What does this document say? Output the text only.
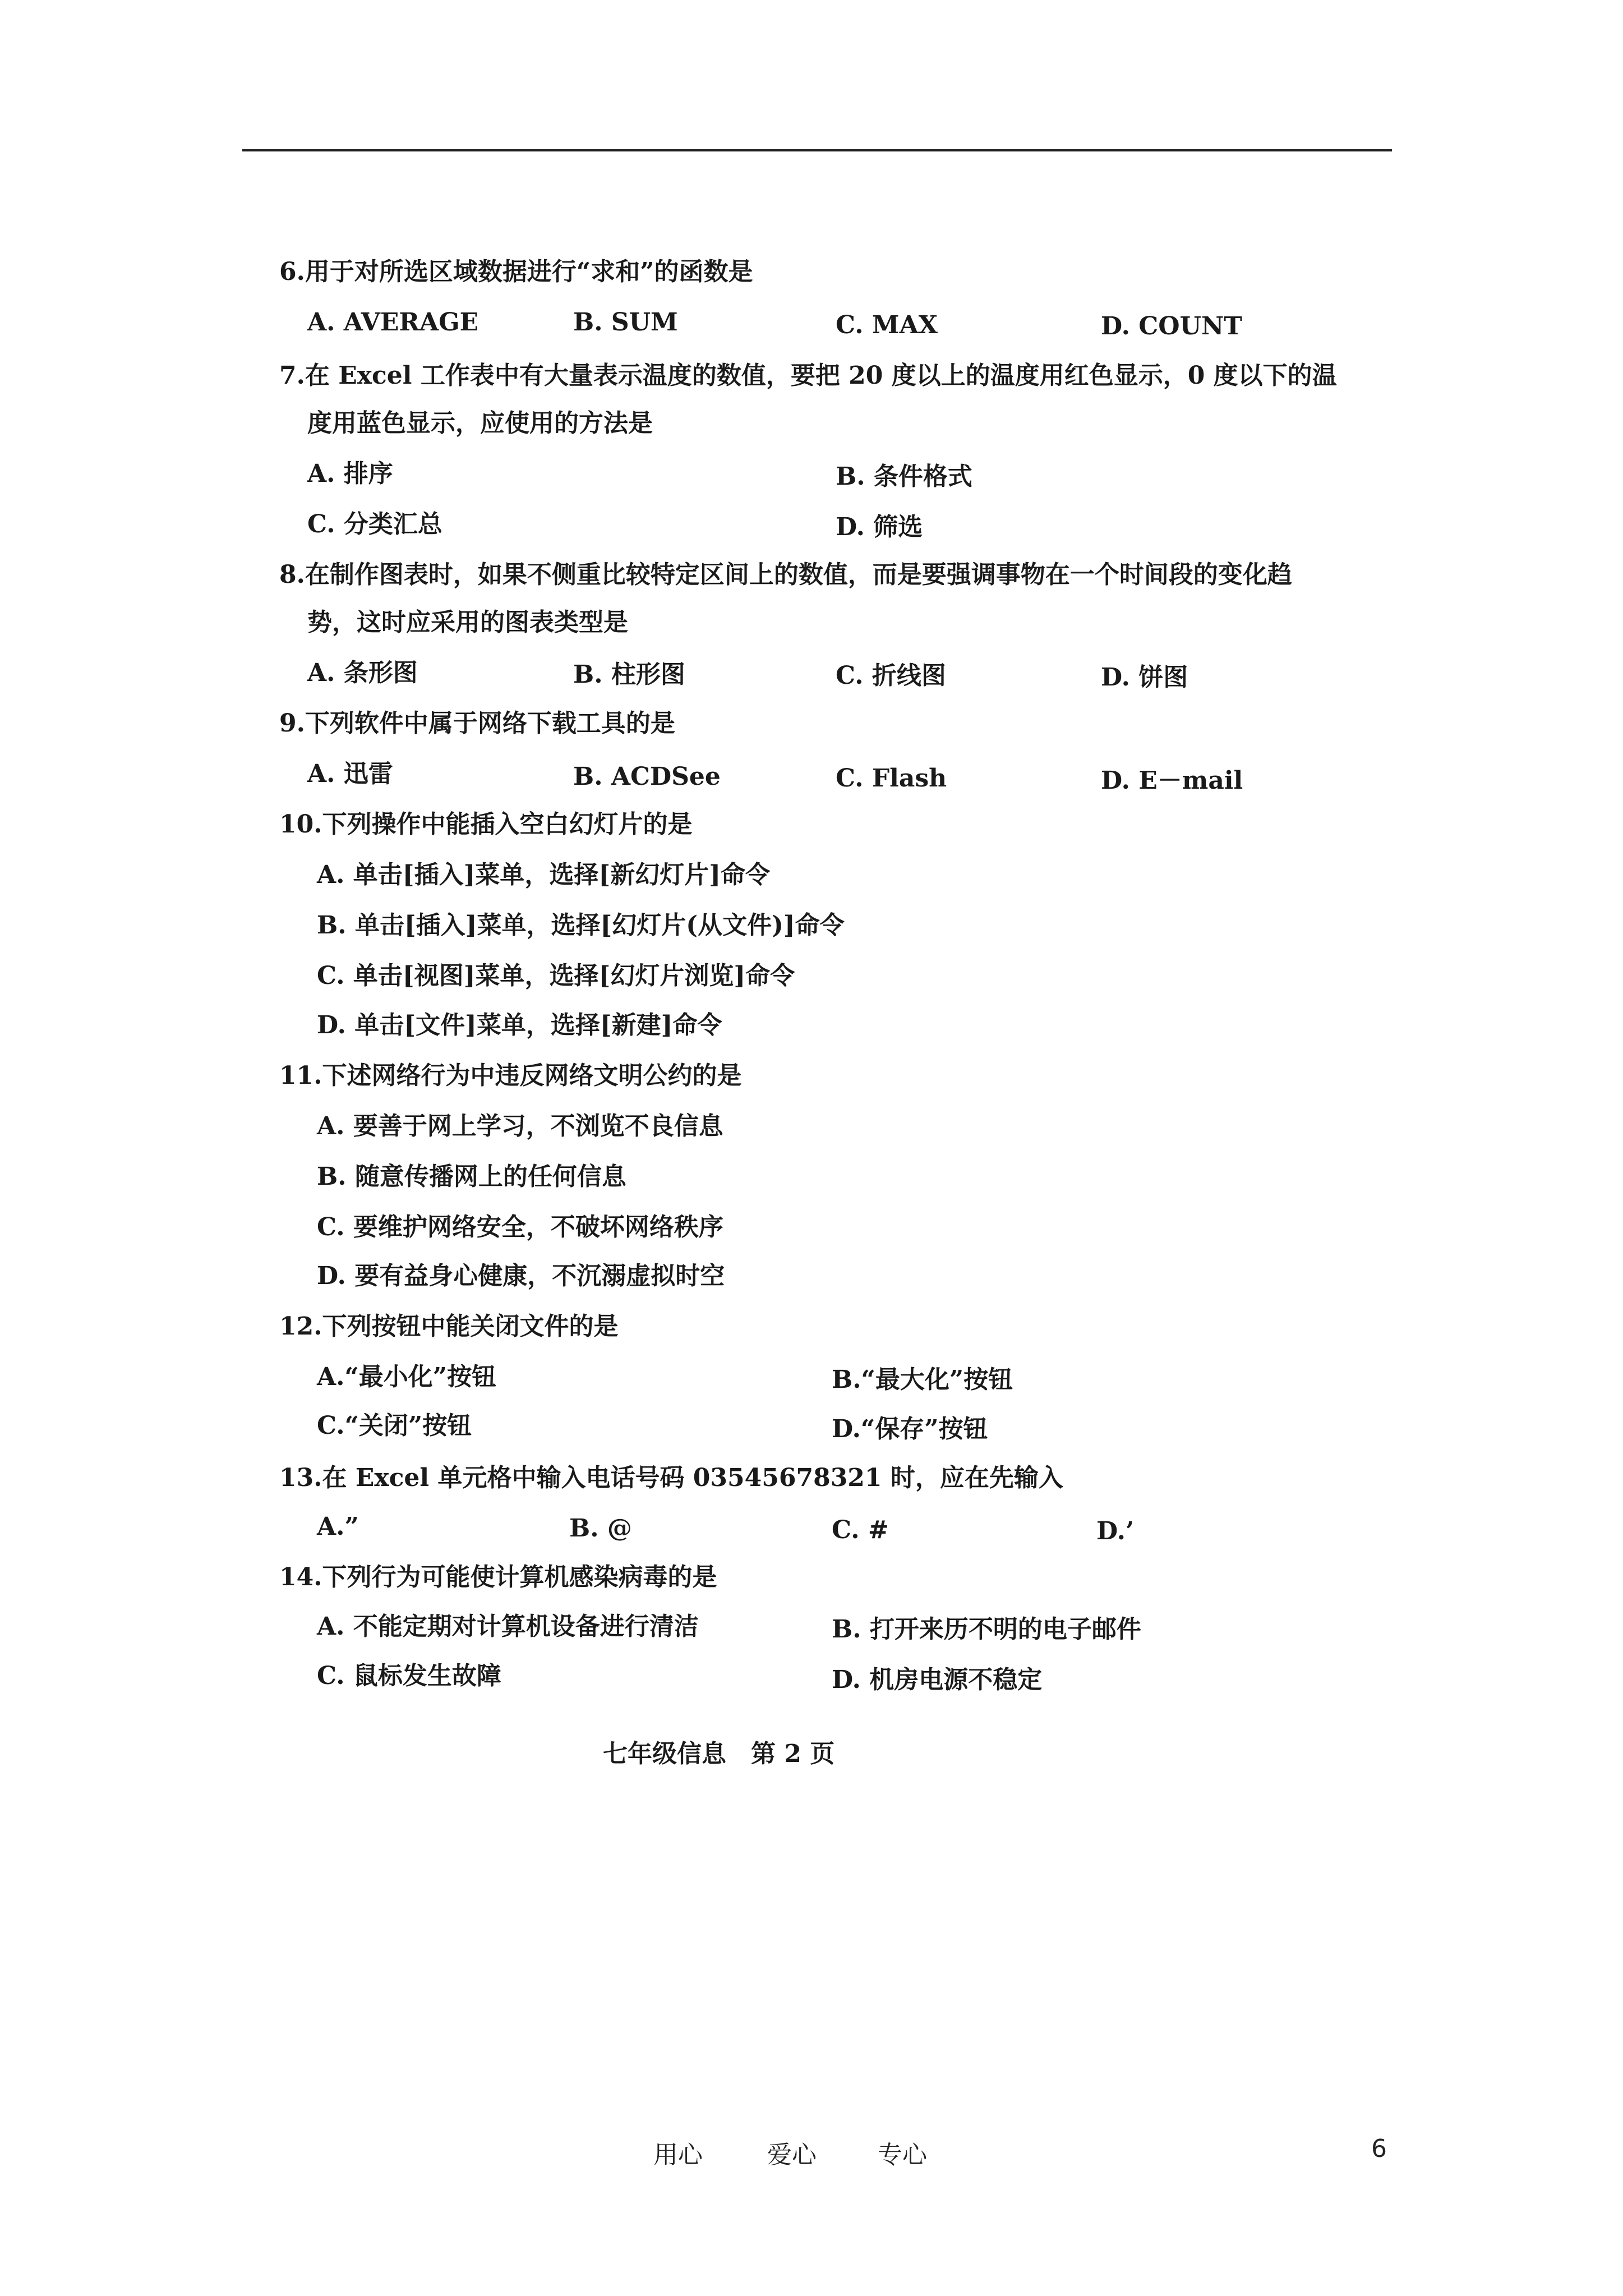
6.用于对所选区域数据进行“求和”的函数是
A. AVERAGE	B. SUM	C. MAX	D. COUNT
7.在 Excel 工作表中有大量表示温度的数值，要把 20 度以上的温度用红色显示，0 度以下的温
度用蓝色显示，应使用的方法是
A. 排序	B. 条件格式
C. 分类汇总	D. 筛选
8.在制作图表时，如果不侧重比较特定区间上的数值，而是要强调事物在一个时间段的变化趋
势，这时应采用的图表类型是
A. 条形图	B. 柱形图	C. 折线图	D. 饼图
9.下列软件中属于网络下载工具的是
A. 迅雷	B. ACDSee	C. Flash	D. E－mail
10.下列操作中能插入空白幻灯片的是
A. 单击[插入]菜单，选择[新幻灯片]命令
B. 单击[插入]菜单，选择[幻灯片(从文件)]命令
C. 单击[视图]菜单，选择[幻灯片浏览]命令
D. 单击[文件]菜单，选择[新建]命令
11.下述网络行为中违反网络文明公约的是
A. 要善于网上学习，不浏览不良信息
B. 随意传播网上的任何信息
C. 要维护网络安全，不破坏网络秩序
D. 要有益身心健康，不沉溺虚拟时空
12.下列按钮中能关闭文件的是
A.“最小化”按钮	B.“最大化”按钮
C.“关闭”按钮	D.“保存”按钮
13.在 Excel 单元格中输入电话号码 03545678321 时，应在先输入
A.”	B. @	C. #	D.’
14.下列行为可能使计算机感染病毒的是
A. 不能定期对计算机设备进行清洁	B. 打开来历不明的电子邮件
C. 鼠标发生故障	D. 机房电源不稳定
七年级信息　第 2 页
用心	爱心 专心	6
